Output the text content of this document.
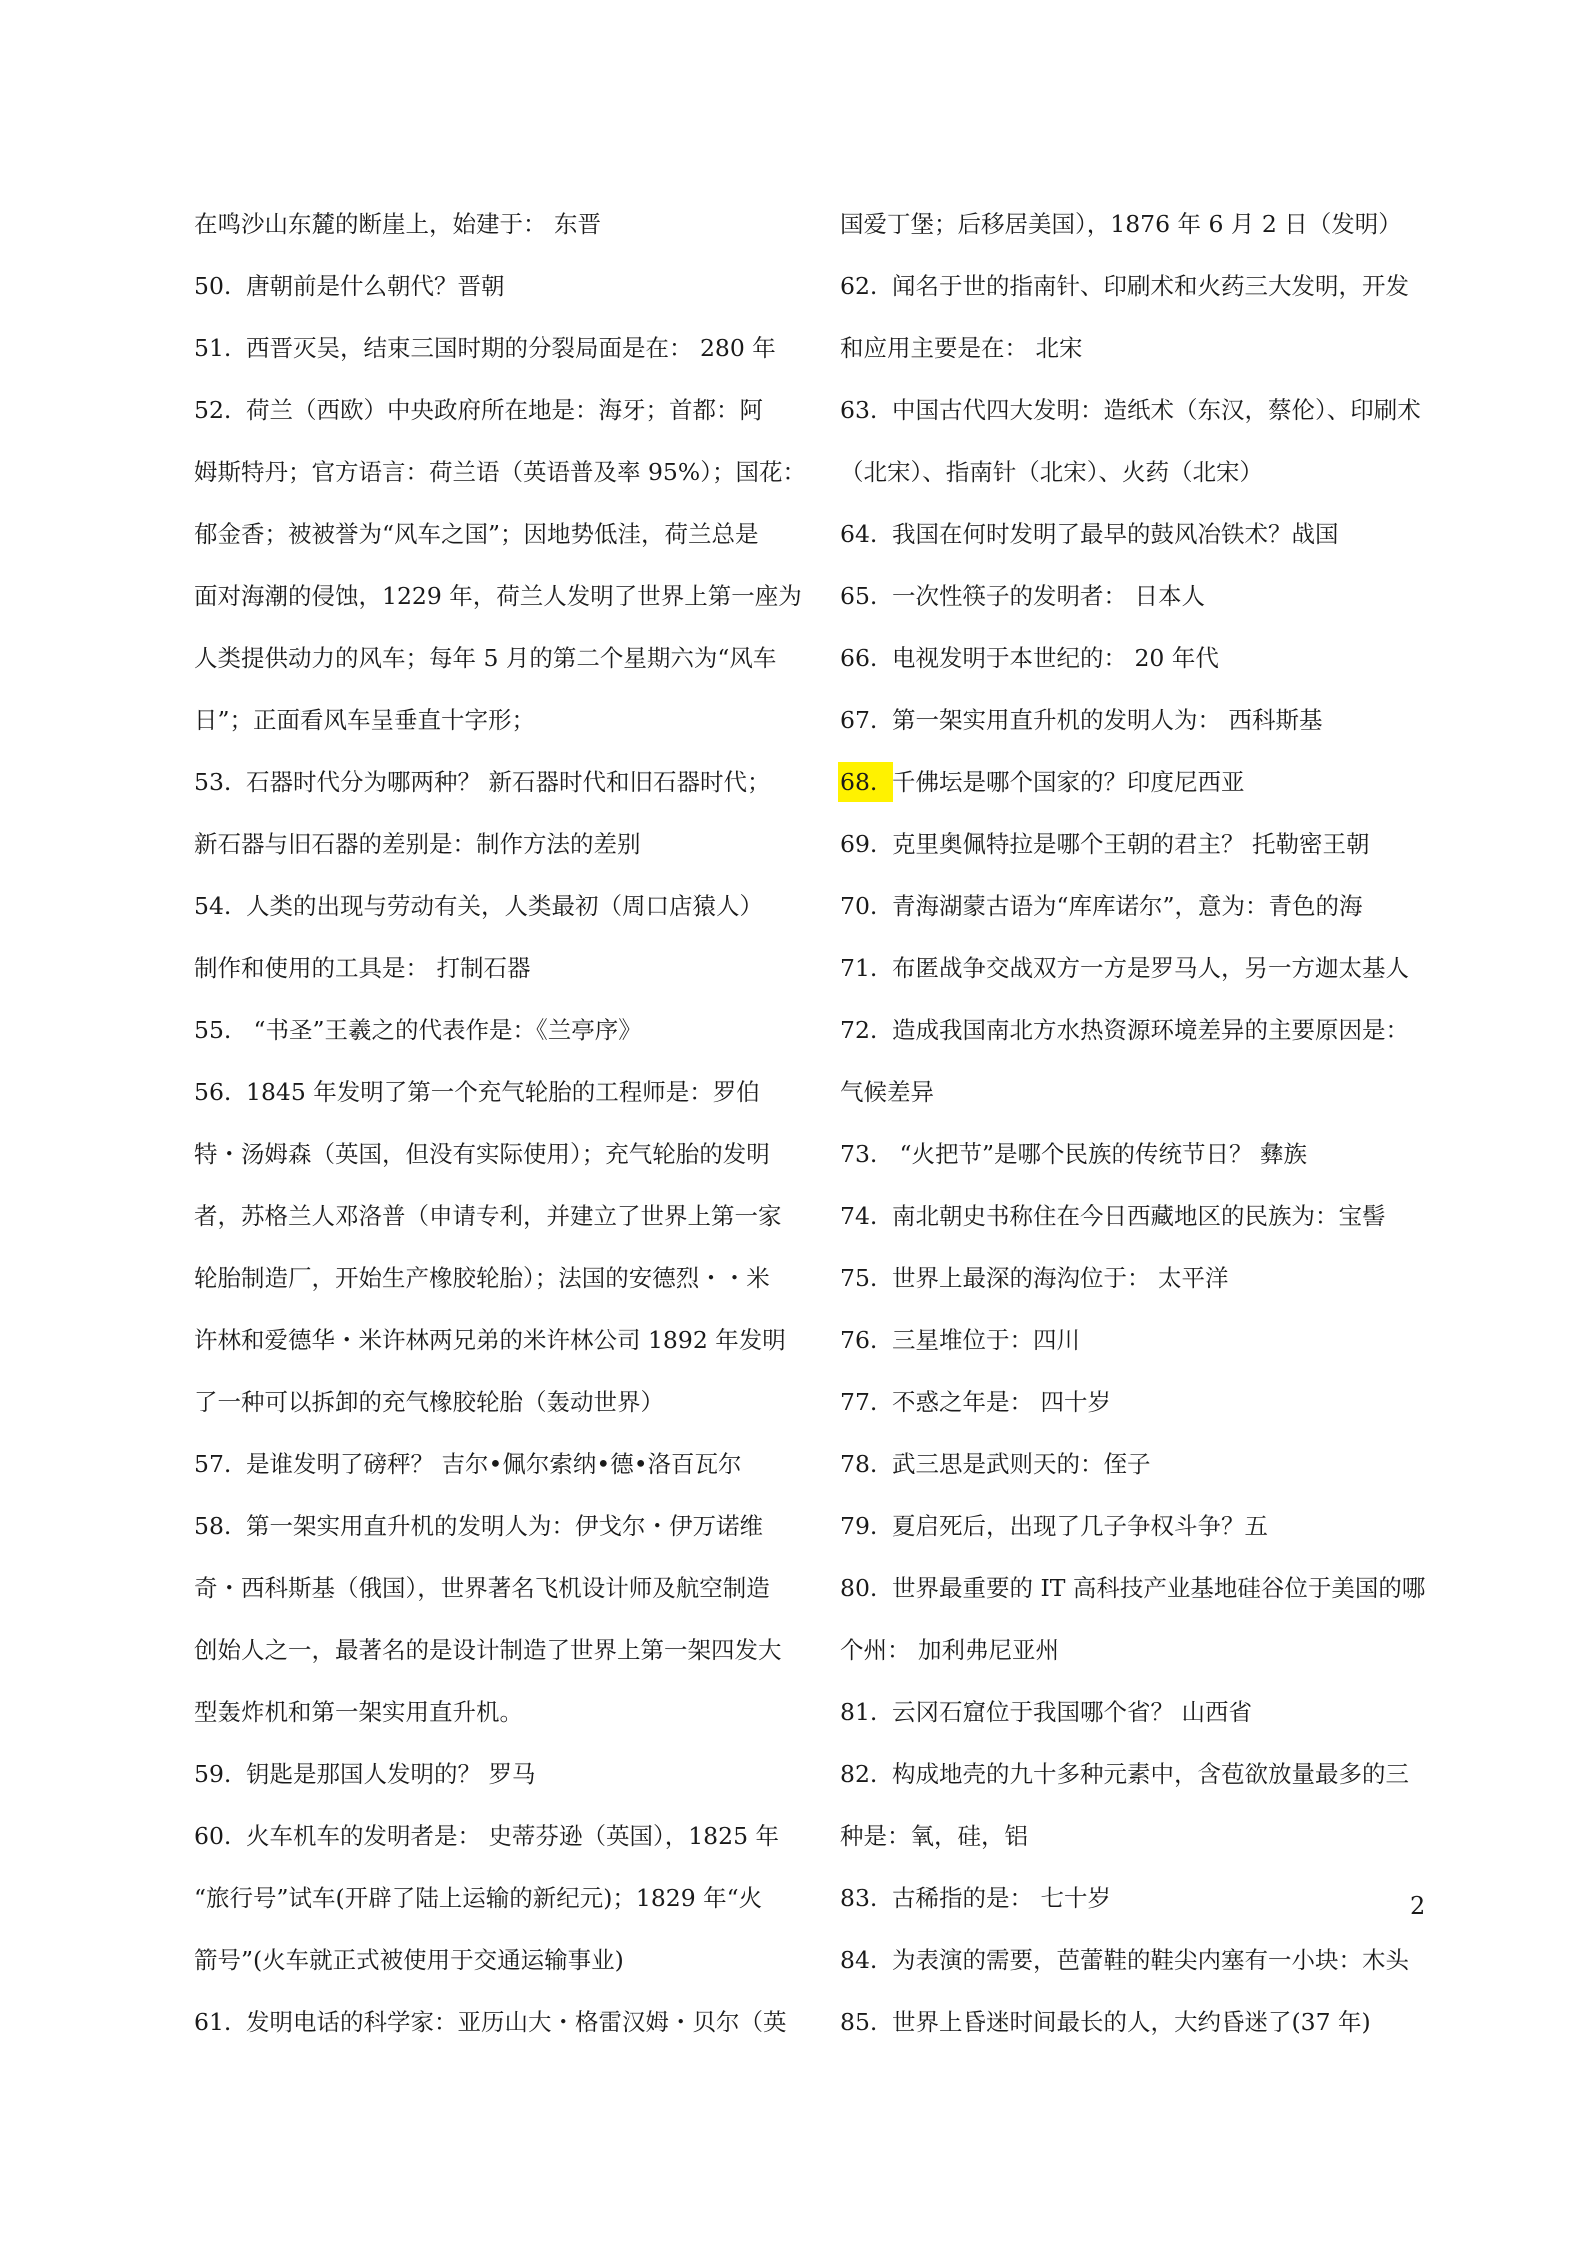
在鸣沙山东麓的断崖上，始建于： 东晋
50. 唐朝前是什么朝代？晋朝
51. 西晋灭吴，结束三国时期的分裂局面是在： 280 年
52. 荷兰（西欧）中央政府所在地是：海牙；首都：阿
姆斯特丹；官方语言：荷兰语（英语普及率 95%）；国花：
郁金香；被被誉为“风车之国”；因地势低洼，荷兰总是
面对海潮的侵蚀，1229 年，荷兰人发明了世界上第一座为
人类提供动力的风车；每年 5 月的第二个星期六为“风车
日”；正面看风车呈垂直十字形；
53. 石器时代分为哪两种？ 新石器时代和旧石器时代；
新石器与旧石器的差别是：制作方法的差别
54. 人类的出现与劳动有关，人类最初（周口店猿人）
制作和使用的工具是： 打制石器
55. “书圣”王羲之的代表作是：《兰亭序》
56. 1845 年发明了第一个充气轮胎的工程师是：罗伯
特・汤姆森（英国，但没有实际使用）；充气轮胎的发明
者，苏格兰人邓洛普（申请专利，并建立了世界上第一家
轮胎制造厂，开始生产橡胶轮胎）；法国的安德烈・・米
许林和爱德华・米许林两兄弟的米许林公司 1892 年发明
了一种可以拆卸的充气橡胶轮胎（轰动世界）
57. 是谁发明了磅秤？ 吉尔•佩尔索纳•德•洛百瓦尔
58. 第一架实用直升机的发明人为：伊戈尔・伊万诺维
奇・西科斯基（俄国），世界著名飞机设计师及航空制造
创始人之一，最著名的是设计制造了世界上第一架四发大
型轰炸机和第一架实用直升机。
59. 钥匙是那国人发明的？ 罗马
60. 火车机车的发明者是： 史蒂芬逊（英国），1825 年
“旅行号”试车(开辟了陆上运输的新纪元)；1829 年“火
箭号”(火车就正式被使用于交通运输事业)
61. 发明电话的科学家：亚历山大・格雷汉姆・贝尔（英
国爱丁堡；后移居美国），1876 年 6 月 2 日（发明）
62. 闻名于世的指南针、印刷术和火药三大发明，开发
和应用主要是在： 北宋
63. 中国古代四大发明：造纸术（东汉，蔡伦）、印刷术
（北宋）、指南针（北宋）、火药（北宋）
64. 我国在何时发明了最早的鼓风冶铁术？战国
65. 一次性筷子的发明者： 日本人
66. 电视发明于本世纪的： 20 年代
67. 第一架实用直升机的发明人为： 西科斯基
68. 千佛坛是哪个国家的？印度尼西亚
69. 克里奥佩特拉是哪个王朝的君主？ 托勒密王朝
70. 青海湖蒙古语为“库库诺尔”，意为：青色的海
71. 布匿战争交战双方一方是罗马人，另一方迦太基人
72. 造成我国南北方水热资源环境差异的主要原因是：
气候差异
73. “火把节”是哪个民族的传统节日？ 彝族
74. 南北朝史书称住在今日西藏地区的民族为：宝髻
75. 世界上最深的海沟位于： 太平洋
76. 三星堆位于：四川
77. 不惑之年是： 四十岁
78. 武三思是武则天的：侄子
79. 夏启死后，出现了几子争权斗争？五
80. 世界最重要的 IT 高科技产业基地硅谷位于美国的哪
个州： 加利弗尼亚州
81. 云冈石窟位于我国哪个省？ 山西省
82. 构成地壳的九十多种元素中，含苞欲放量最多的三
种是：氧，硅，铝
83. 古稀指的是： 七十岁
84. 为表演的需要，芭蕾鞋的鞋尖内塞有一小块：木头
85. 世界上昏迷时间最长的人，大约昏迷了(37 年)
2
